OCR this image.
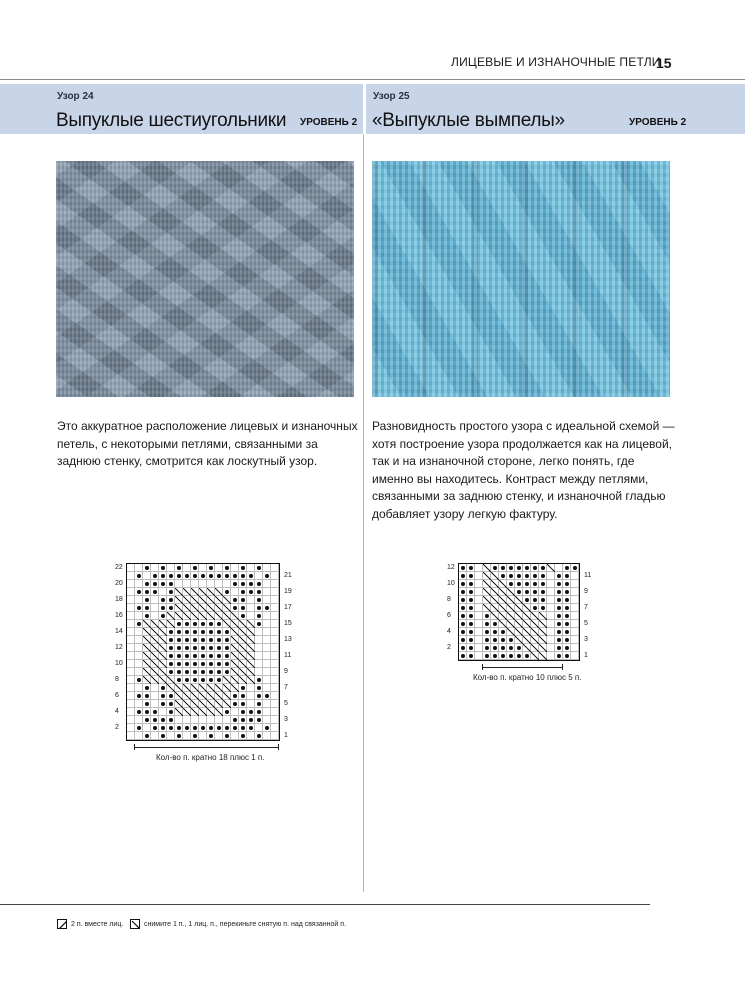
ЛИЦЕВЫЕ И ИЗНАНОЧНЫЕ ПЕТЛИ
15
Узор 24
Выпуклые шестиугольники УРОВЕНЬ 2
Узор 25
«Выпуклые вымпелы»	УРОВЕНЬ 2
Это аккуратное расположение лицевых и изнаночных петель, с некоторыми петлями, связанными за заднюю стенку, смотрится как лоскутный узор.
Разновидность простого узора с идеальной схемой — хотя построение узора продолжается как на лицевой, так и на изнаночной стороне, легко понять, где именно вы находитесь. Контраст между петлями, связанными за заднюю стенку, и изнаночной гладью добавляет узору легкую фактуру.
22
20
18
16
14
12
10
8
6
4
2
21
19
17
15
13
11
9
7
5
3
1
Кол-во п. кратно 18 плюс 1 п.
12
10
8
6
4
2
11
9
7
5
3
1
Кол-во п. кратно 10 плюс 5 п.
2 п. вместе лиц.	снимите 1 п., 1 лиц. п., перекиньте снятую п. над связанной п.
